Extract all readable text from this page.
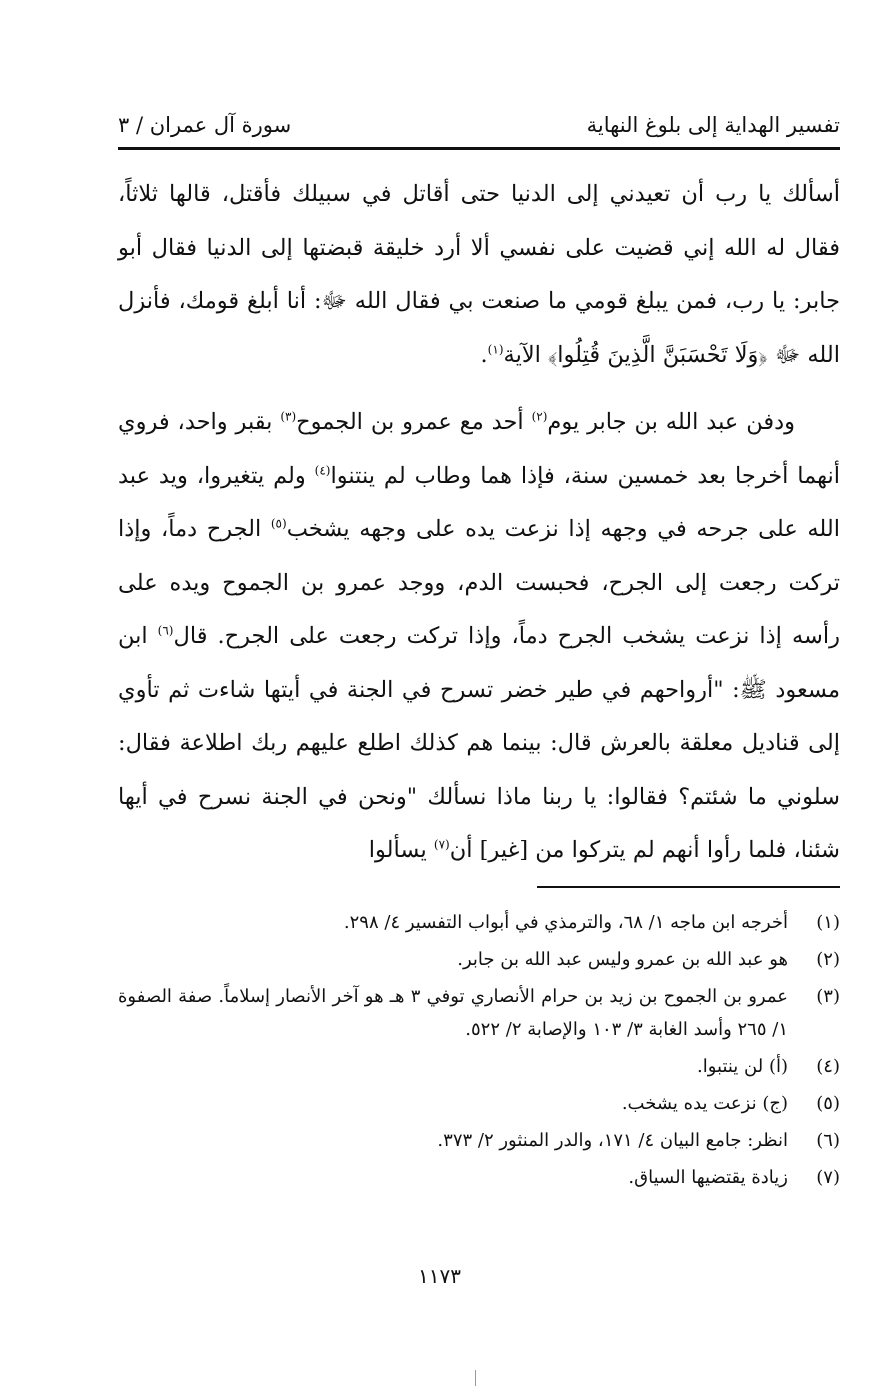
تفسير الهداية إلى بلوغ النهاية
سورة آل عمران / ٣

أسألك يا رب أن تعيدني إلى الدنيا حتى أقاتل في سبيلك فأقتل، قالها ثلاثاً، فقال له الله إني قضيت على نفسي ألا أرد خليقة قبضتها إلى الدنيا فقال أبو جابر: يا رب، فمن يبلغ قومي ما صنعت بي فقال الله ﷻ: أنا أبلغ قومك، فأنزل الله ﷻ ﴿وَلَا تَحْسَبَنَّ الَّذِينَ قُتِلُوا﴾ الآية$^{(١)}$.

ودفن عبد الله بن جابر يوم$^{(٢)}$ أحد مع عمرو بن الجموح$^{(٣)}$ بقبر واحد، فروي أنهما أخرجا بعد خمسين سنة، فإذا هما وطاب لم ينتنوا$^{(٤)}$ ولم يتغيروا، ويد عبد الله على جرحه في وجهه إذا نزعت يده على وجهه يشخب$^{(٥)}$ الجرح دماً، وإذا تركت رجعت إلى الجرح، فحبست الدم، ووجد عمرو بن الجموح ويده على رأسه إذا نزعت يشخب الجرح دماً، وإذا تركت رجعت على الجرح. قال$^{(٦)}$ ابن مسعود ﷺ: "أرواحهم في طير خضر تسرح في الجنة في أيتها شاءت ثم تأوي إلى قناديل معلقة بالعرش قال: بينما هم كذلك اطلع عليهم ربك اطلاعة فقال: سلوني ما شئتم؟ فقالوا: يا ربنا ماذا نسألك "ونحن في الجنة نسرح في أيها شئنا، فلما رأوا أنهم لم يتركوا من [غير] أن$^{(٧)}$ يسألوا

(١)
أخرجه ابن ماجه ١/ ٦٨، والترمذي في أبواب التفسير ٤/ ٢٩٨.
(٢)
هو عبد الله بن عمرو وليس عبد الله بن جابر.
(٣)
عمرو بن الجموح بن زيد بن حرام الأنصاري توفي ٣ هـ هو آخر الأنصار إسلاماً. صفة الصفوة ١/ ٢٦٥ وأسد الغابة ٣/ ١٠٣ والإصابة ٢/ ٥٢٢.
(٤)
(أ) لن ينتبوا.
(٥)
(ج) نزعت يده يشخب.
(٦)
انظر: جامع البيان ٤/ ١٧١، والدر المنثور ٢/ ٣٧٣.
(٧)
زيادة يقتضيها السياق.
١١٧٣
